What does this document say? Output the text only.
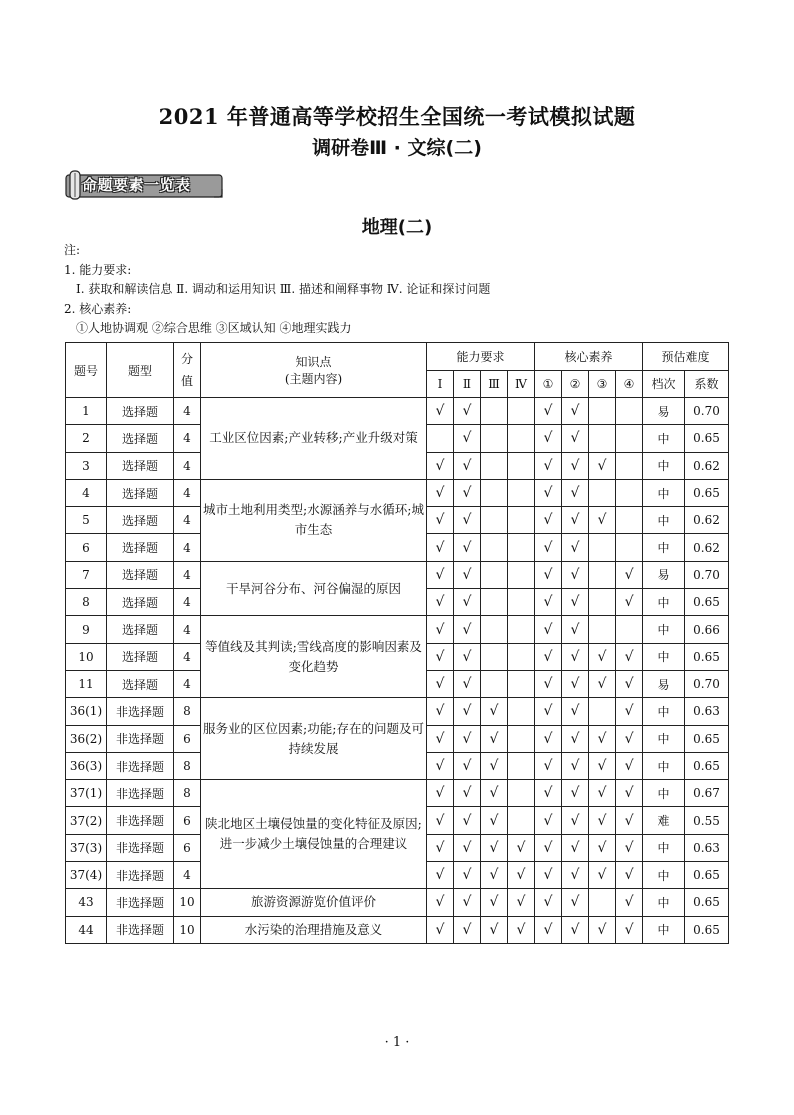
2021 年普通高等学校招生全国统一考试模拟试题
调研卷Ⅲ · 文综(二)
命题要素一览表
地理(二)
注:
1. 能力要求:
Ⅰ. 获取和解读信息 Ⅱ. 调动和运用知识 Ⅲ. 描述和阐释事物 Ⅳ. 论证和探讨问题
2. 核心素养:
①人地协调观 ②综合思维 ③区域认知 ④地理实践力
题号	题型	分值	知识点
(主题内容)	能力要求				核心素养				预估难度	
				Ⅰ	Ⅱ	Ⅲ	Ⅳ	①	②	③	④	档次	系数
1	选择题	4	工业区位因素;产业转移;产业升级对策	√	√			√	√			易	0.70
2	选择题	4			√			√	√			中	0.65
3	选择题	4		√	√			√	√	√		中	0.62
4	选择题	4	城市土地利用类型;水源涵养与水循环;城市生态	√	√			√	√			中	0.65
5	选择题	4		√	√			√	√	√		中	0.62
6	选择题	4		√	√			√	√			中	0.62
7	选择题	4	干旱河谷分布、河谷偏湿的原因	√	√			√	√		√	易	0.70
8	选择题	4		√	√			√	√		√	中	0.65
9	选择题	4	等值线及其判读;雪线高度的影响因素及变化趋势	√	√			√	√			中	0.66
10	选择题	4		√	√			√	√	√	√	中	0.65
11	选择题	4		√	√			√	√	√	√	易	0.70
36(1)	非选择题	8	服务业的区位因素;功能;存在的问题及可持续发展	√	√	√		√	√		√	中	0.63
36(2)	非选择题	6		√	√	√		√	√	√	√	中	0.65
36(3)	非选择题	8		√	√	√		√	√	√	√	中	0.65
37(1)	非选择题	8	陕北地区土壤侵蚀量的变化特征及原因;进一步减少土壤侵蚀量的合理建议	√	√	√		√	√	√	√	中	0.67
37(2)	非选择题	6		√	√	√		√	√	√	√	难	0.55
37(3)	非选择题	6		√	√	√	√	√	√	√	√	中	0.63
37(4)	非选择题	4		√	√	√	√	√	√	√	√	中	0.65
43	非选择题	10	旅游资源游览价值评价	√	√	√	√	√	√		√	中	0.65
44	非选择题	10	水污染的治理措施及意义	√	√	√	√	√	√	√	√	中	0.65
· 1 ·
